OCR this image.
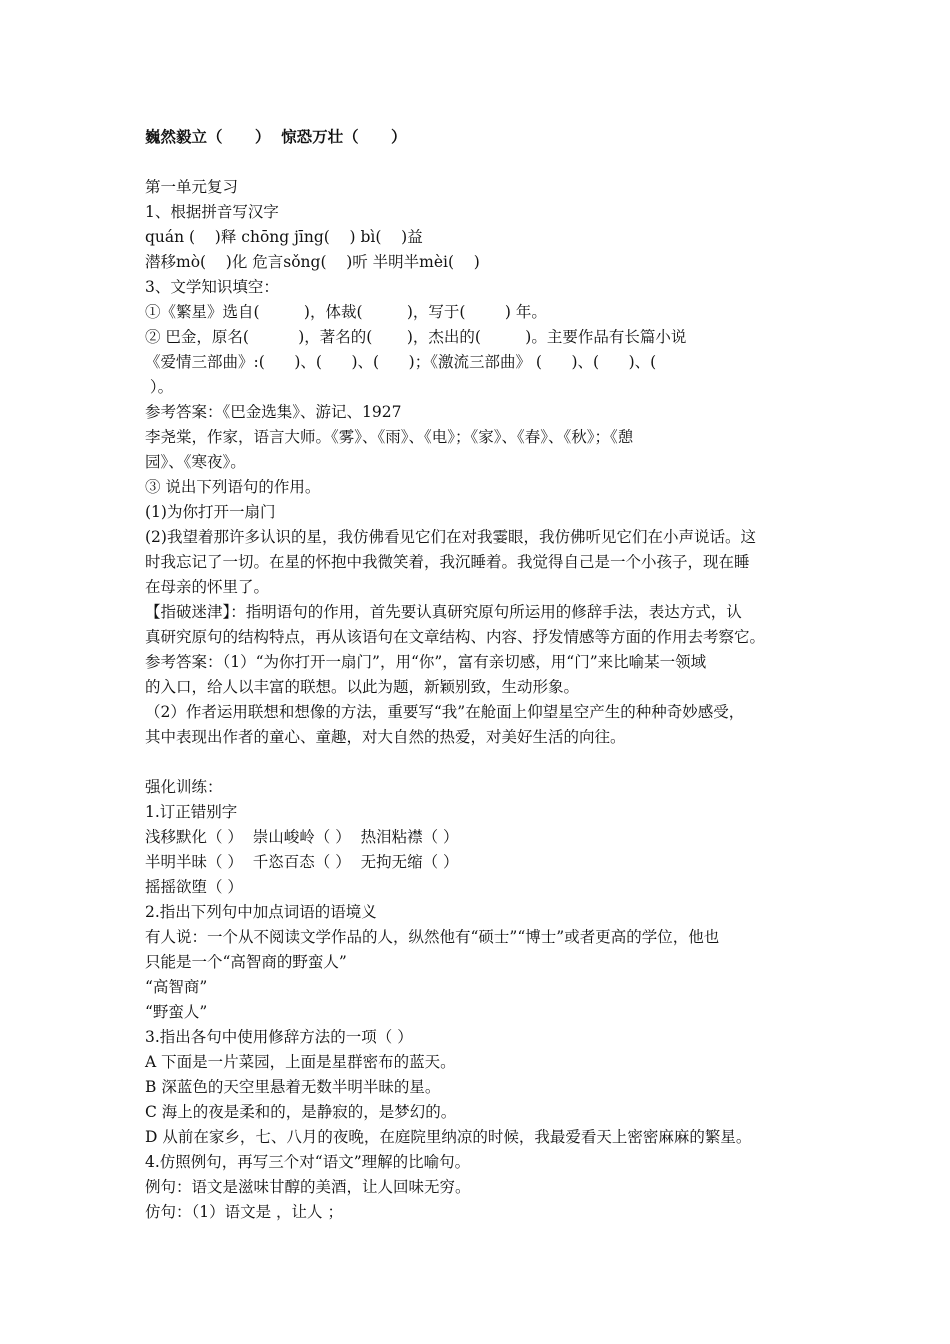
巍然毅立（      ）  惊恐万壮（      ）
第一单元复习
1、根据拼音写汉字
quán (    )释 chōng jīng(    ) bì(    )益
潜移mò(    )化 危言sǒng(    )听 半明半mèi(    )
3、文学知识填空：
①《繁星》选自(         )，体裁(         )，写于(        ) 年。
② 巴金，原名(          )，著名的(       )，杰出的(         )。主要作品有长篇小说
《爱情三部曲》:(      )、(      )、(      )；《激流三部曲》 (      )、(      )、(
）。
参考答案：《巴金选集》、游记、1927
李尧棠，作家，语言大师。《雾》、《雨》、《电》；《家》、《春》、《秋》；《憩
园》、《寒夜》。
③ 说出下列语句的作用。
(1)为你打开一扇门
(2)我望着那许多认识的星，我仿佛看见它们在对我霎眼，我仿佛听见它们在小声说话。这
时我忘记了一切。在星的怀抱中我微笑着，我沉睡着。我觉得自己是一个小孩子，现在睡
在母亲的怀里了。
【指破迷津】：指明语句的作用，首先要认真研究原句所运用的修辞手法，表达方式，认
真研究原句的结构特点，再从该语句在文章结构、内容、抒发情感等方面的作用去考察它。
参考答案：（1）“为你打开一扇门”，用“你”，富有亲切感，用“门”来比喻某一领域
的入口，给人以丰富的联想。以此为题，新颖别致，生动形象。
（2）作者运用联想和想像的方法，重要写“我”在舱面上仰望星空产生的种种奇妙感受，
其中表现出作者的童心、童趣，对大自然的热爱，对美好生活的向往。
强化训练：
1.订正错别字
浅移默化（ ）  崇山峻岭（ ）  热泪粘襟（ ）
半明半昧（ ）  千恣百态（ ）  无拘无缩（ ）
摇摇欲堕（ ）
2.指出下列句中加点词语的语境义
有人说：一个从不阅读文学作品的人，纵然他有“硕士”“博士”或者更高的学位，他也
只能是一个“高智商的野蛮人”
“高智商”
“野蛮人”
3.指出各句中使用修辞方法的一项（ ）
A 下面是一片菜园，上面是星群密布的蓝天。
B 深蓝色的天空里悬着无数半明半昧的星。
C 海上的夜是柔和的，是静寂的，是梦幻的。
D 从前在家乡，七、八月的夜晚，在庭院里纳凉的时候，我最爱看天上密密麻麻的繁星。
4.仿照例句，再写三个对“语文”理解的比喻句。
例句：语文是滋味甘醇的美酒，让人回味无穷。
仿句：（1）语文是 ，让人 ；
